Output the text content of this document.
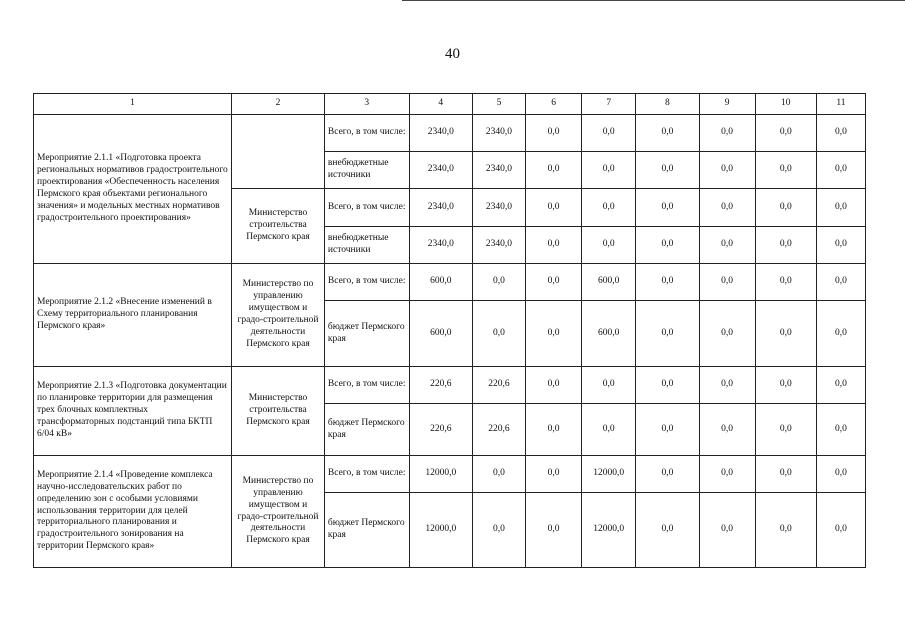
40
1	2	3	4	5	6	7	8	9	10	11
Мероприятие 2.1.1 «Подготовка проекта региональных нормативов градостроительного проектирования «Обеспеченность населения Пермского края объектами регионального значения» и модельных местных нормативов градостроительного проектирования»		Всего, в том числе:	2340,0	2340,0	0,0	0,0	0,0	0,0	0,0	0,0
		внебюджетные источники	2340,0	2340,0	0,0	0,0	0,0	0,0	0,0	0,0
	Министерство строительства Пермского края	Всего, в том числе:	2340,0	2340,0	0,0	0,0	0,0	0,0	0,0	0,0
		внебюджетные источники	2340,0	2340,0	0,0	0,0	0,0	0,0	0,0	0,0
Мероприятие 2.1.2 «Внесение изменений в Схему территориального планирования Пермского края»	Министерство по управлению имуществом и градо-строительной деятельности Пермского края	Всего, в том числе:	600,0	0,0	0,0	600,0	0,0	0,0	0,0	0,0
		бюджет Пермского края	600,0	0,0	0,0	600,0	0,0	0,0	0,0	0,0
Мероприятие 2.1.3 «Подготовка документации по планировке территории для размещения трех блочных комплектных трансформаторных подстанций типа БКТП 6/04 кВ»	Министерство строительства Пермского края	Всего, в том числе:	220,6	220,6	0,0	0,0	0,0	0,0	0,0	0,0
		бюджет Пермского края	220,6	220,6	0,0	0,0	0,0	0,0	0,0	0,0
Мероприятие 2.1.4 «Проведение комплекса научно-исследовательских работ по определению зон с особыми условиями использования территории для целей территориального планирования и градостроительного зонирования на территории Пермского края»	Министерство по управлению имуществом и градо-строительной деятельности Пермского края	Всего, в том числе:	12000,0	0,0	0,0	12000,0	0,0	0,0	0,0	0,0
		бюджет Пермского края	12000,0	0,0	0,0	12000,0	0,0	0,0	0,0	0,0
